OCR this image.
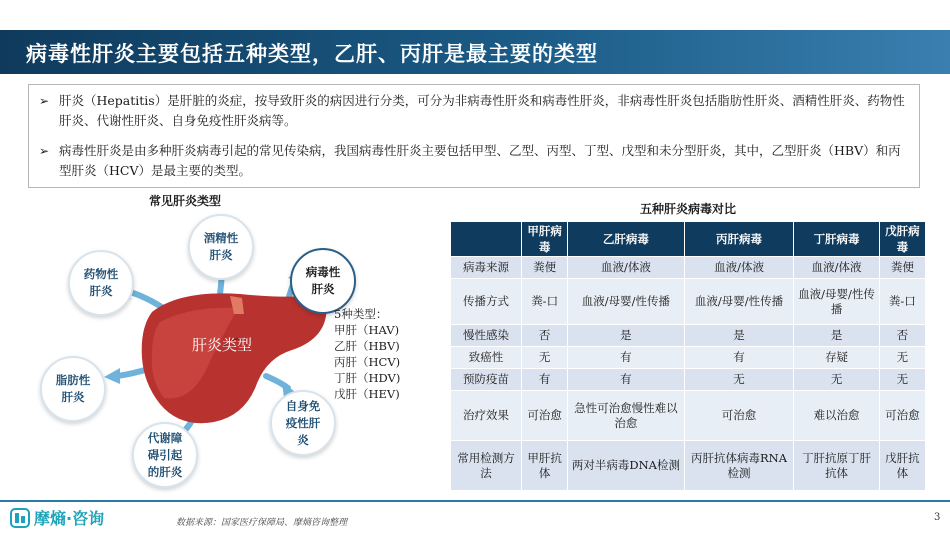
病毒性肝炎主要包括五种类型，乙肝、丙肝是最主要的类型
➢ 肝炎（Hepatitis）是肝脏的炎症，按导致肝炎的病因进行分类，可分为非病毒性肝炎和病毒性肝炎，非病毒性肝炎包括脂肪性肝炎、酒精性肝炎、药物性肝炎、代谢性肝炎、自身免疫性肝炎病等。
➢ 病毒性肝炎是由多种肝炎病毒引起的常见传染病，我国病毒性肝炎主要包括甲型、乙型、丙型、丁型、戊型和未分型肝炎，其中，乙型肝炎（HBV）和丙型肝炎（HCV）是最主要的类型。
常见肝炎类型
肝炎类型
酒精性肝炎
药物性肝炎
病毒性肝炎
脂肪性肝炎
代谢障碍引起的肝炎
自身免疫性肝炎
5种类型：
甲肝（HAV)
乙肝（HBV)
丙肝（HCV)
丁肝（HDV)
戊肝（HEV)
五种肝炎病毒对比
	甲肝病毒	乙肝病毒	丙肝病毒	丁肝病毒	戊肝病毒
病毒来源	粪便	血液/体液	血液/体液	血液/体液	粪便
传播方式	粪-口	血液/母婴/性传播	血液/母婴/性传播	血液/母婴/性传播	粪-口
慢性感染	否	是	是	是	否
致癌性	无	有	有	存疑	无
预防疫苗	有	有	无	无	无
治疗效果	可治愈	急性可治愈慢性难以治愈	可治愈	难以治愈	可治愈
常用检测方法	甲肝抗体	两对半病毒DNA检测	丙肝抗体病毒RNA检测	丁肝抗原丁肝抗体	戊肝抗体
摩熵·咨询	数据来源：国家医疗保障局、摩熵咨询整理	3
